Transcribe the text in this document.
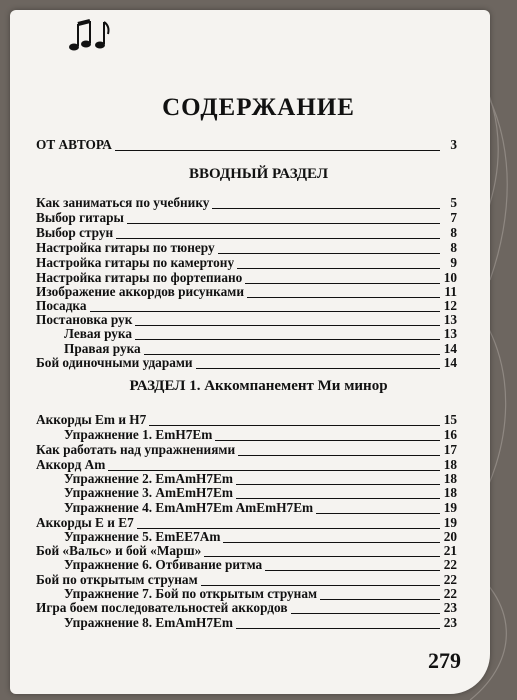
СОДЕРЖАНИЕ
ОТ АВТОРА	3
ВВОДНЫЙ РАЗДЕЛ
Как заниматься по учебнику	5
Выбор гитары	7
Выбор струн	8
Настройка гитары по тюнеру	8
Настройка гитары по камертону	9
Настройка гитары по фортепиано	10
Изображение аккордов рисунками	11
Посадка	12
Постановка рук	13
Левая рука	13
Правая рука	14
Бой одиночными ударами	14
РАЗДЕЛ 1. Аккомпанемент Ми минор
Аккорды Em и H7	15
Упражнение 1. EmH7Em	16
Как работать над упражнениями	17
Аккорд Am	18
Упражнение 2. EmAmH7Em	18
Упражнение 3. AmEmH7Em	18
Упражнение 4. EmAmH7Em AmEmH7Em	19
Аккорды E и E7	19
Упражнение 5. EmEE7Am	20
Бой «Вальс» и бой «Марш»	21
Упражнение 6. Отбивание ритма	22
Бой по открытым струнам	22
Упражнение 7. Бой по открытым струнам	22
Игра боем последовательностей аккордов	23
Упражнение 8. EmAmH7Em	23
279
